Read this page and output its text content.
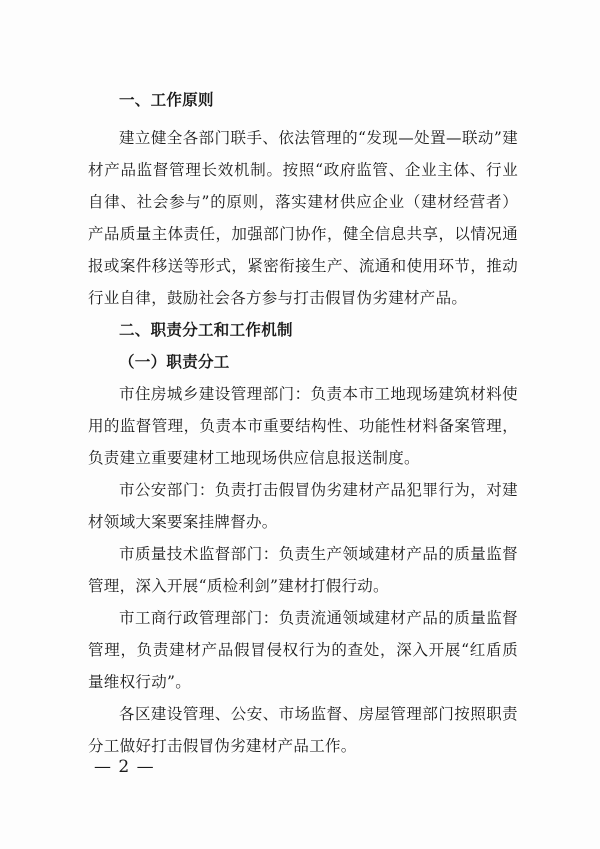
一、工作原则

建立健全各部门联手、依法管理的“发现—处置—联动”建材产品监督管理长效机制。按照“政府监管、企业主体、行业自律、社会参与”的原则，落实建材供应企业（建材经营者）产品质量主体责任，加强部门协作，健全信息共享，以情况通报或案件移送等形式，紧密衔接生产、流通和使用环节，推动行业自律，鼓励社会各方参与打击假冒伪劣建材产品。

二、职责分工和工作机制

（一）职责分工

市住房城乡建设管理部门：负责本市工地现场建筑材料使用的监督管理，负责本市重要结构性、功能性材料备案管理，负责建立重要建材工地现场供应信息报送制度。

市公安部门：负责打击假冒伪劣建材产品犯罪行为，对建材领域大案要案挂牌督办。

市质量技术监督部门：负责生产领域建材产品的质量监督管理，深入开展“质检利剑”建材打假行动。

市工商行政管理部门：负责流通领域建材产品的质量监督管理，负责建材产品假冒侵权行为的查处，深入开展“红盾质量维权行动”。

各区建设管理、公安、市场监督、房屋管理部门按照职责分工做好打击假冒伪劣建材产品工作。

— 2 —
